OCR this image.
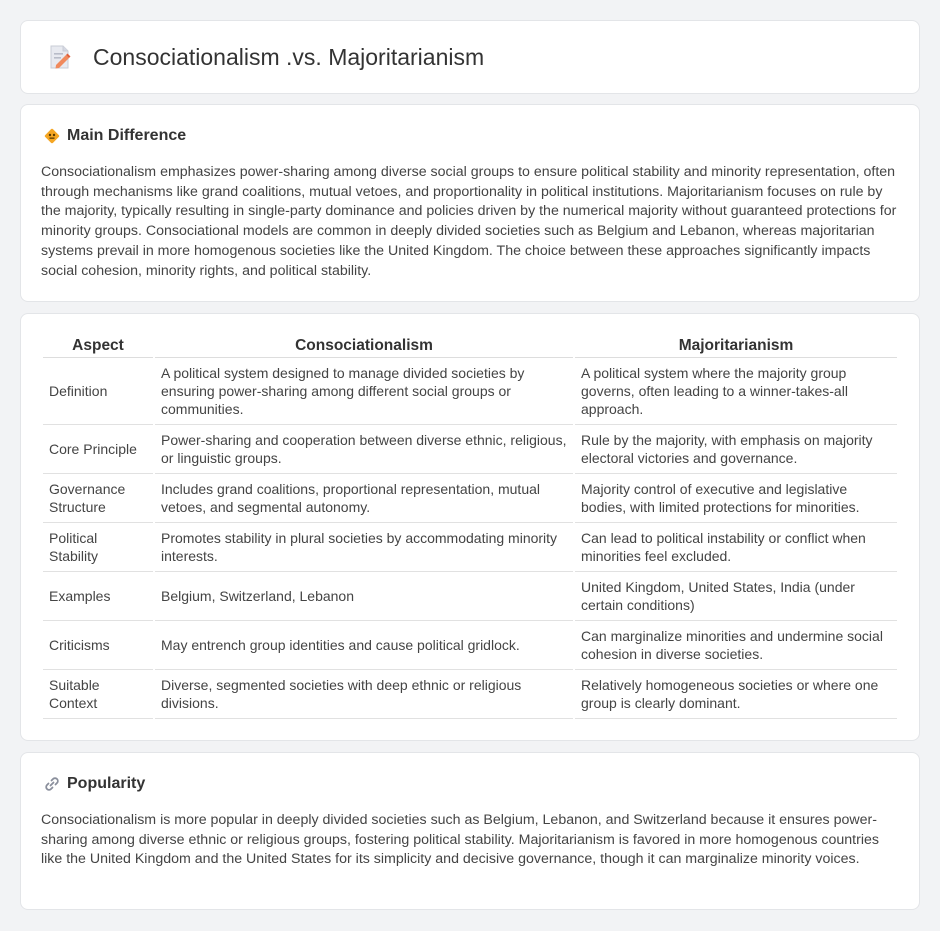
Consociationalism .vs. Majoritarianism
Main Difference

Consociationalism emphasizes power-sharing among diverse social groups to ensure political stability and minority representation, often through mechanisms like grand coalitions, mutual vetoes, and proportionality in political institutions. Majoritarianism focuses on rule by the majority, typically resulting in single-party dominance and policies driven by the numerical majority without guaranteed protections for minority groups. Consociational models are common in deeply divided societies such as Belgium and Lebanon, whereas majoritarian systems prevail in more homogenous societies like the United Kingdom. The choice between these approaches significantly impacts social cohesion, minority rights, and political stability.

Aspect	Consociationalism	Majoritarianism
Definition	A political system designed to manage divided societies by ensuring power-sharing among different social groups or communities.	A political system where the majority group governs, often leading to a winner-takes-all approach.
Core Principle	Power-sharing and cooperation between diverse ethnic, religious, or linguistic groups.	Rule by the majority, with emphasis on majority electoral victories and governance.
Governance Structure	Includes grand coalitions, proportional representation, mutual vetoes, and segmental autonomy.	Majority control of executive and legislative bodies, with limited protections for minorities.
Political Stability	Promotes stability in plural societies by accommodating minority interests.	Can lead to political instability or conflict when minorities feel excluded.
Examples	Belgium, Switzerland, Lebanon	United Kingdom, United States, India (under certain conditions)
Criticisms	May entrench group identities and cause political gridlock.	Can marginalize minorities and undermine social cohesion in diverse societies.
Suitable Context	Diverse, segmented societies with deep ethnic or religious divisions.	Relatively homogeneous societies or where one group is clearly dominant.
Popularity

Consociationalism is more popular in deeply divided societies such as Belgium, Lebanon, and Switzerland because it ensures power-sharing among diverse ethnic or religious groups, fostering political stability. Majoritarianism is favored in more homogenous countries like the United Kingdom and the United States for its simplicity and decisive governance, though it can marginalize minority voices.
